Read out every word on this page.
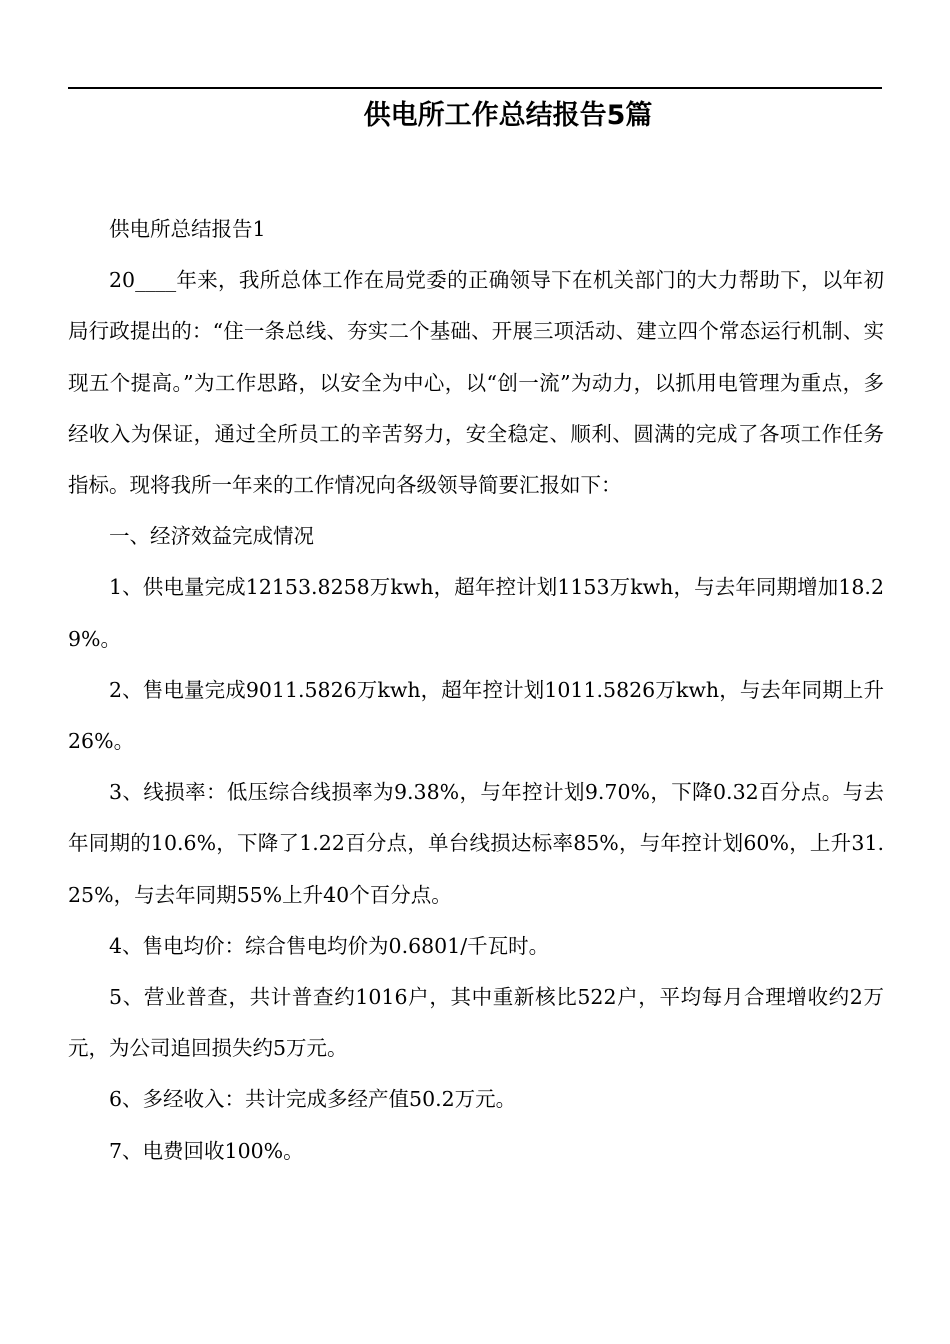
供电所工作总结报告5篇

供电所总结报告1

20____年来，我所总体工作在局党委的正确领导下在机关部门的大力帮助下，以年初局行政提出的：“住一条总线、夯实二个基础、开展三项活动、建立四个常态运行机制、实现五个提高。”为工作思路，以安全为中心，以“创一流”为动力，以抓用电管理为重点，多经收入为保证，通过全所员工的辛苦努力，安全稳定、顺利、圆满的完成了各项工作任务指标。现将我所一年来的工作情况向各级领导简要汇报如下：

一、经济效益完成情况

1、供电量完成12153.8258万kwh，超年控计划1153万kwh，与去年同期增加18.29%。

2、售电量完成9011.5826万kwh，超年控计划1011.5826万kwh，与去年同期上升26%。

3、线损率：低压综合线损率为9.38%，与年控计划9.70%，下降0.32百分点。与去年同期的10.6%，下降了1.22百分点，单台线损达标率85%，与年控计划60%，上升31.25%，与去年同期55%上升40个百分点。

4、售电均价：综合售电均价为0.6801/千瓦时。

5、营业普查，共计普查约1016户，其中重新核比522户，平均每月合理增收约2万元，为公司追回损失约5万元。

6、多经收入：共计完成多经产值50.2万元。

7、电费回收100%。
